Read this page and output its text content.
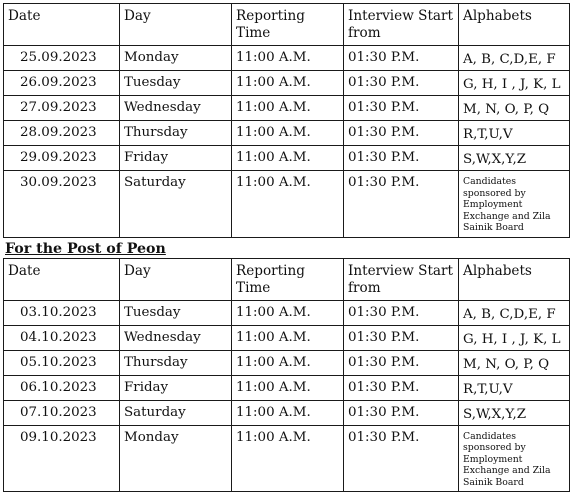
Date	Day	Reporting Time	Interview Start from	Alphabets
25.09.2023	Monday	11:00 A.M.	01:30 P.M.	A, B, C,D,E, F
26.09.2023	Tuesday	11:00 A.M.	01:30 P.M.	G, H, I , J, K, L
27.09.2023	Wednesday	11:00 A.M.	01:30 P.M.	M, N, O, P, Q
28.09.2023	Thursday	11:00 A.M.	01:30 P.M.	R,T,U,V
29.09.2023	Friday	11:00 A.M.	01:30 P.M.	S,W,X,Y,Z
30.09.2023	Saturday	11:00 A.M.	01:30 P.M.	Candidates sponsored by Employment Exchange and Zila Sainik Board
For the Post of Peon
Date	Day	Reporting Time	Interview Start from	Alphabets
03.10.2023	Tuesday	11:00 A.M.	01:30 P.M.	A, B, C,D,E, F
04.10.2023	Wednesday	11:00 A.M.	01:30 P.M.	G, H, I , J, K, L
05.10.2023	Thursday	11:00 A.M.	01:30 P.M.	M, N, O, P, Q
06.10.2023	Friday	11:00 A.M.	01:30 P.M.	R,T,U,V
07.10.2023	Saturday	11:00 A.M.	01:30 P.M.	S,W,X,Y,Z
09.10.2023	Monday	11:00 A.M.	01:30 P.M.	Candidates sponsored by Employment Exchange and Zila Sainik Board
